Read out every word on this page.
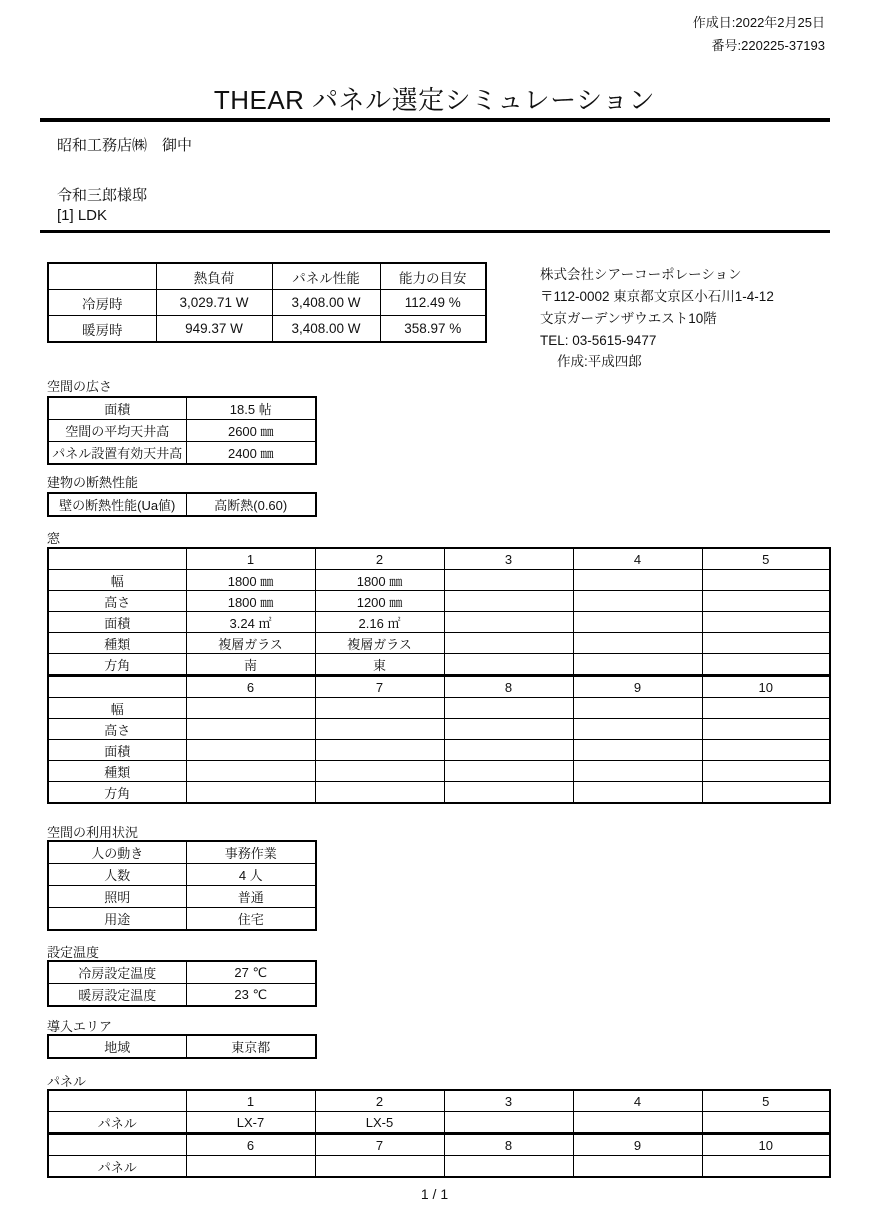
作成日:2022年2月25日
番号:220225-37193
THEAR パネル選定シミュレーション
昭和工務店㈱　御中
令和三郎様邸
[1] LDK
	熱負荷	パネル性能	能力の目安
冷房時	3,029.71 W	3,408.00 W	112.49 %
暖房時	949.37 W	3,408.00 W	358.97 %
株式会社シアーコーポレーション
〒112-0002 東京都文京区小石川1-4-12
文京ガーデンザウエスト10階
TEL: 03-5615-9477
作成:平成四郎
空間の広さ
面積	18.5 帖
空間の平均天井高	2600 ㎜
パネル設置有効天井高	2400 ㎜
建物の断熱性能
壁の断熱性能(Ua値)	高断熱(0.60)
窓
	1	2	3	4	5
幅	1800 ㎜	1800 ㎜			
高さ	1800 ㎜	1200 ㎜			
面積	3.24 ㎡	2.16 ㎡			
種類	複層ガラス	複層ガラス			
方角	南	東			
	6	7	8	9	10
幅					
高さ					
面積					
種類					
方角					
空間の利用状況
人の動き	事務作業
人数	4 人
照明	普通
用途	住宅
設定温度
冷房設定温度	27 ℃
暖房設定温度	23 ℃
導入エリア
地域	東京都
パネル
	1	2	3	4	5
パネル	LX-7	LX-5			
	6	7	8	9	10
パネル					
1 / 1
